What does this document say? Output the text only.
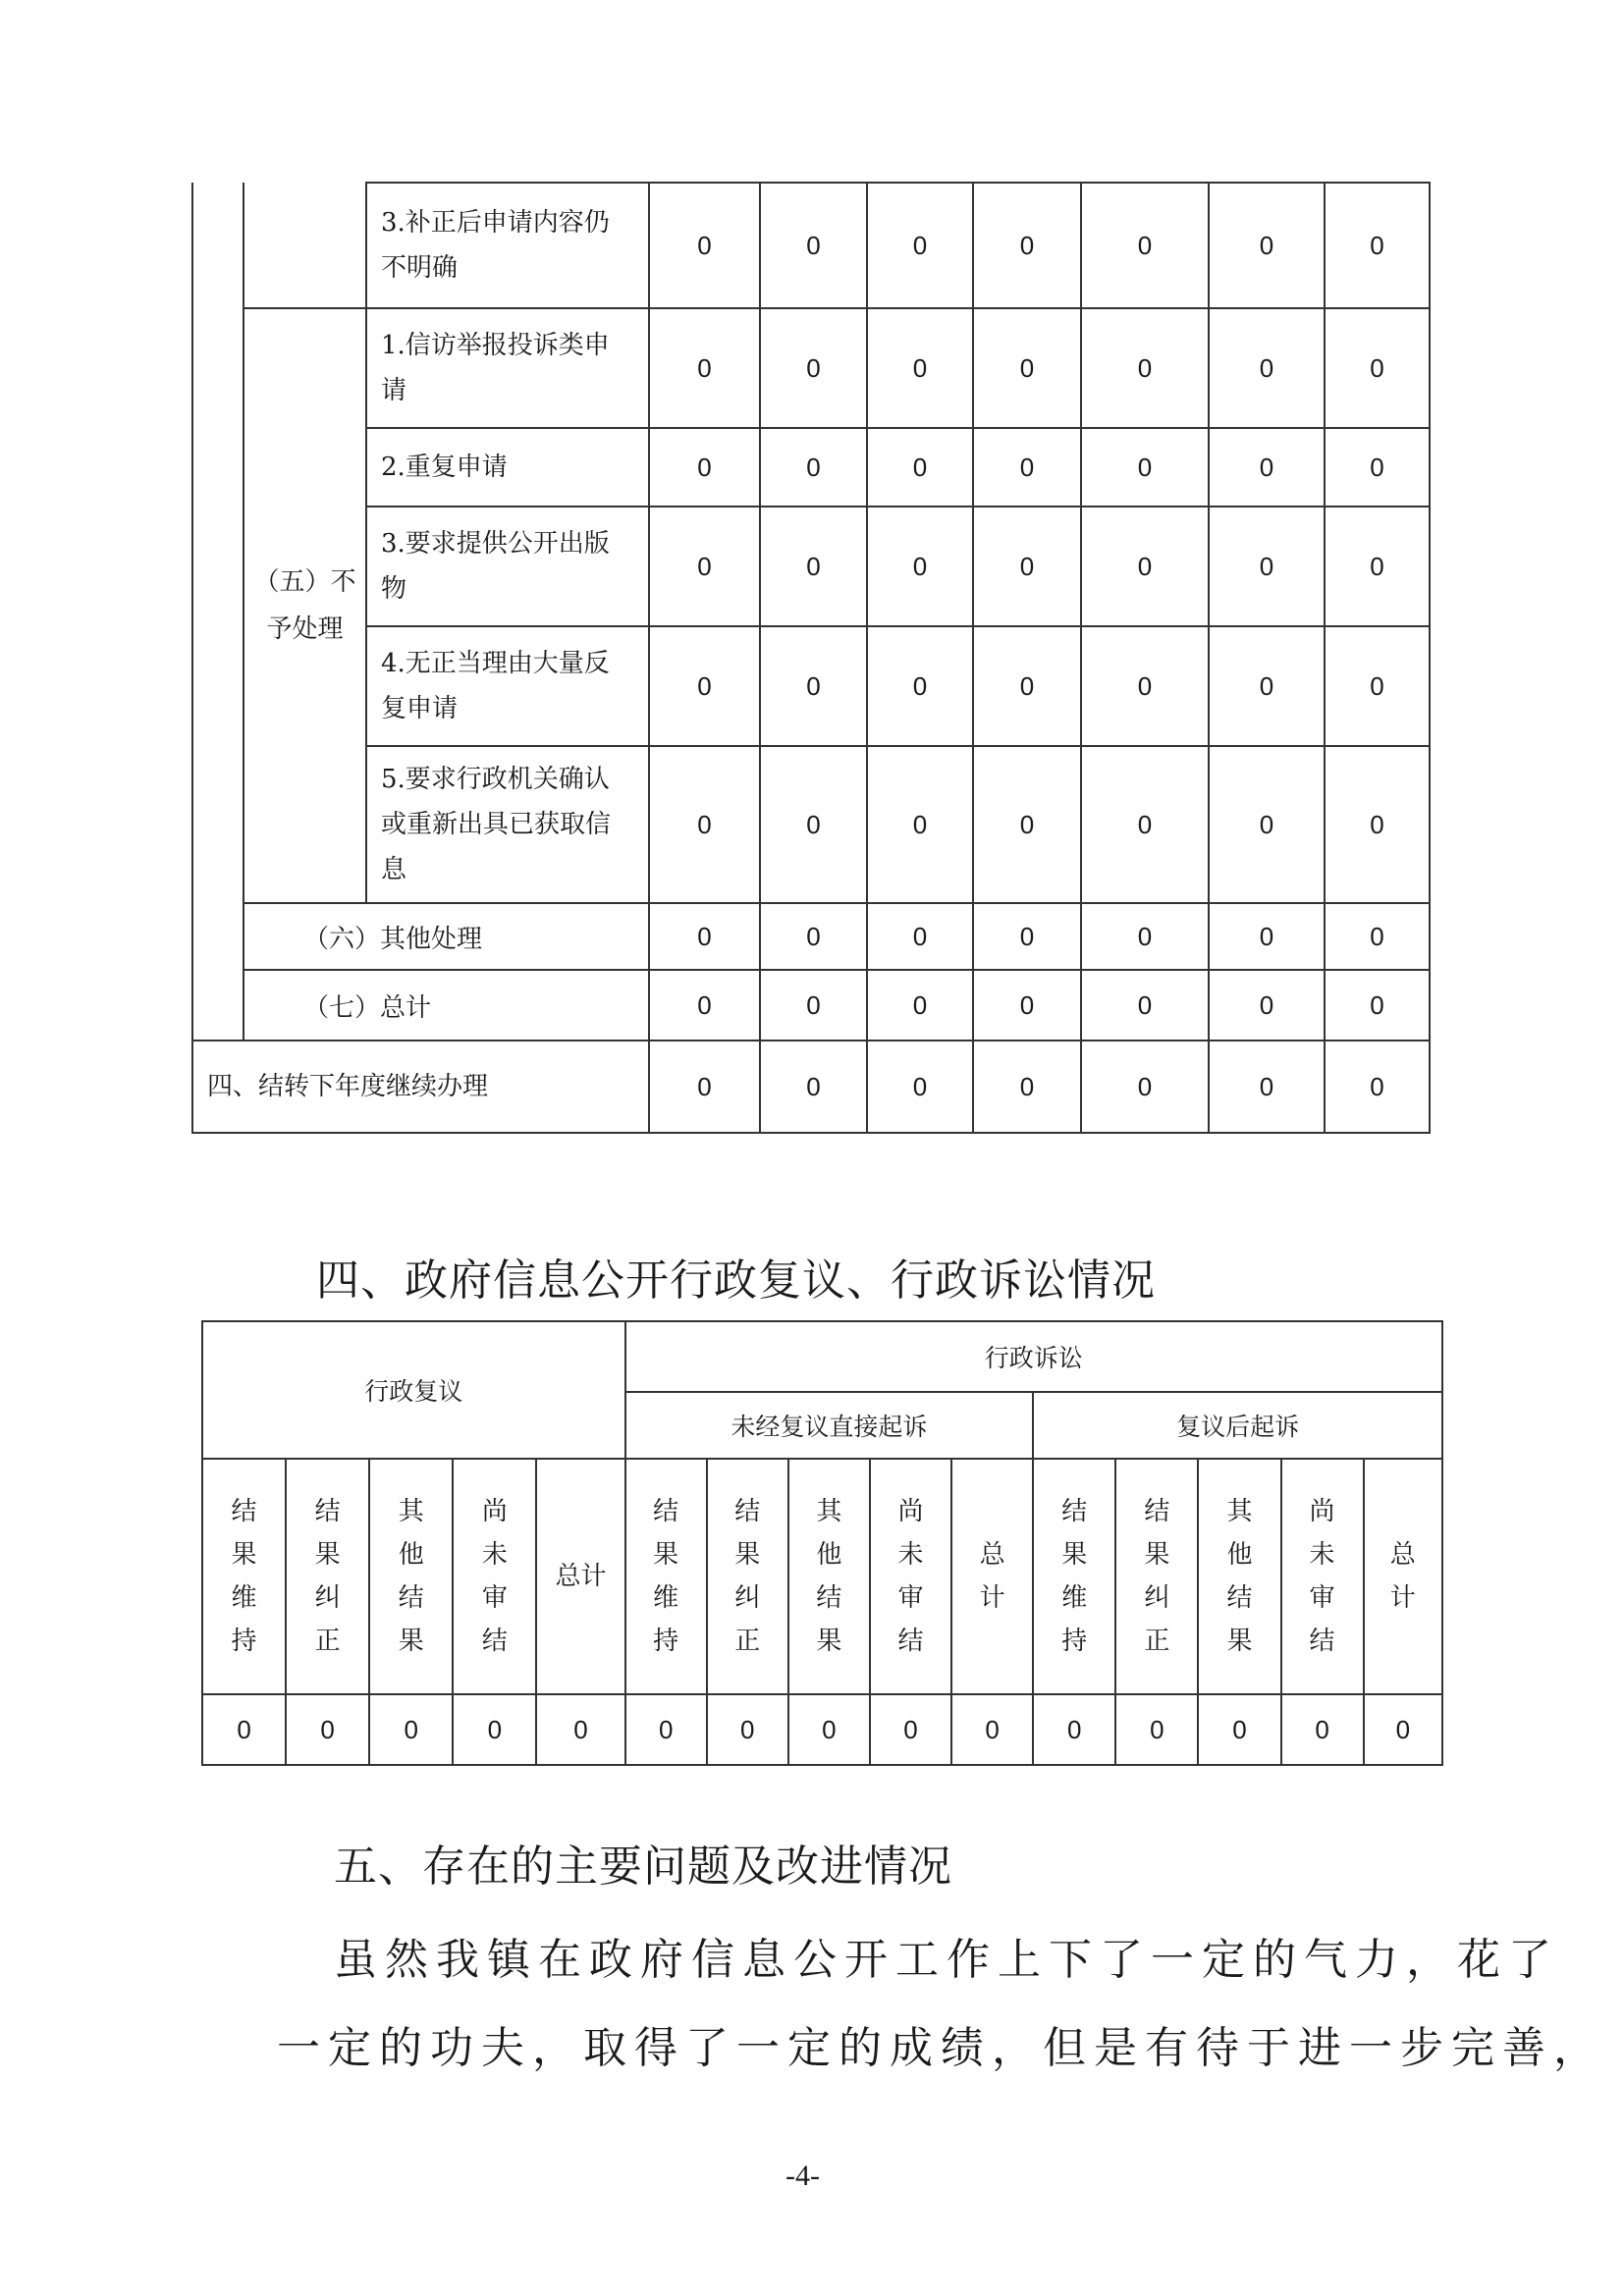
		3.补正后申请内容仍不明确	0	0	0	0	0	0	0
	（五）不予处理	1.信访举报投诉类申请	0	0	0	0	0	0	0
		2.重复申请	0	0	0	0	0	0	0
		3.要求提供公开出版物	0	0	0	0	0	0	0
		4.无正当理由大量反复申请	0	0	0	0	0	0	0
		5.要求行政机关确认或重新出具已获取信息	0	0	0	0	0	0	0
	（六）其他处理		0	0	0	0	0	0	0
	（七）总计		0	0	0	0	0	0	0
四、结转下年度继续办理			0	0	0	0	0	0	0
四、政府信息公开行政复议、行政诉讼情况
行政复议					行政诉讼									
					未经复议直接起诉					复议后起诉				
结果维持	结果纠正	其他结果	尚未审结	总计	结果维持	结果纠正	其他结果	尚未审结	总计	结果维持	结果纠正	其他结果	尚未审结	总计
0	0	0	0	0	0	0	0	0	0	0	0	0	0	0
五、存在的主要问题及改进情况
虽然我镇在政府信息公开工作上下了一定的气力，花了
一定的功夫，取得了一定的成绩，但是有待于进一步完善，
-4-
